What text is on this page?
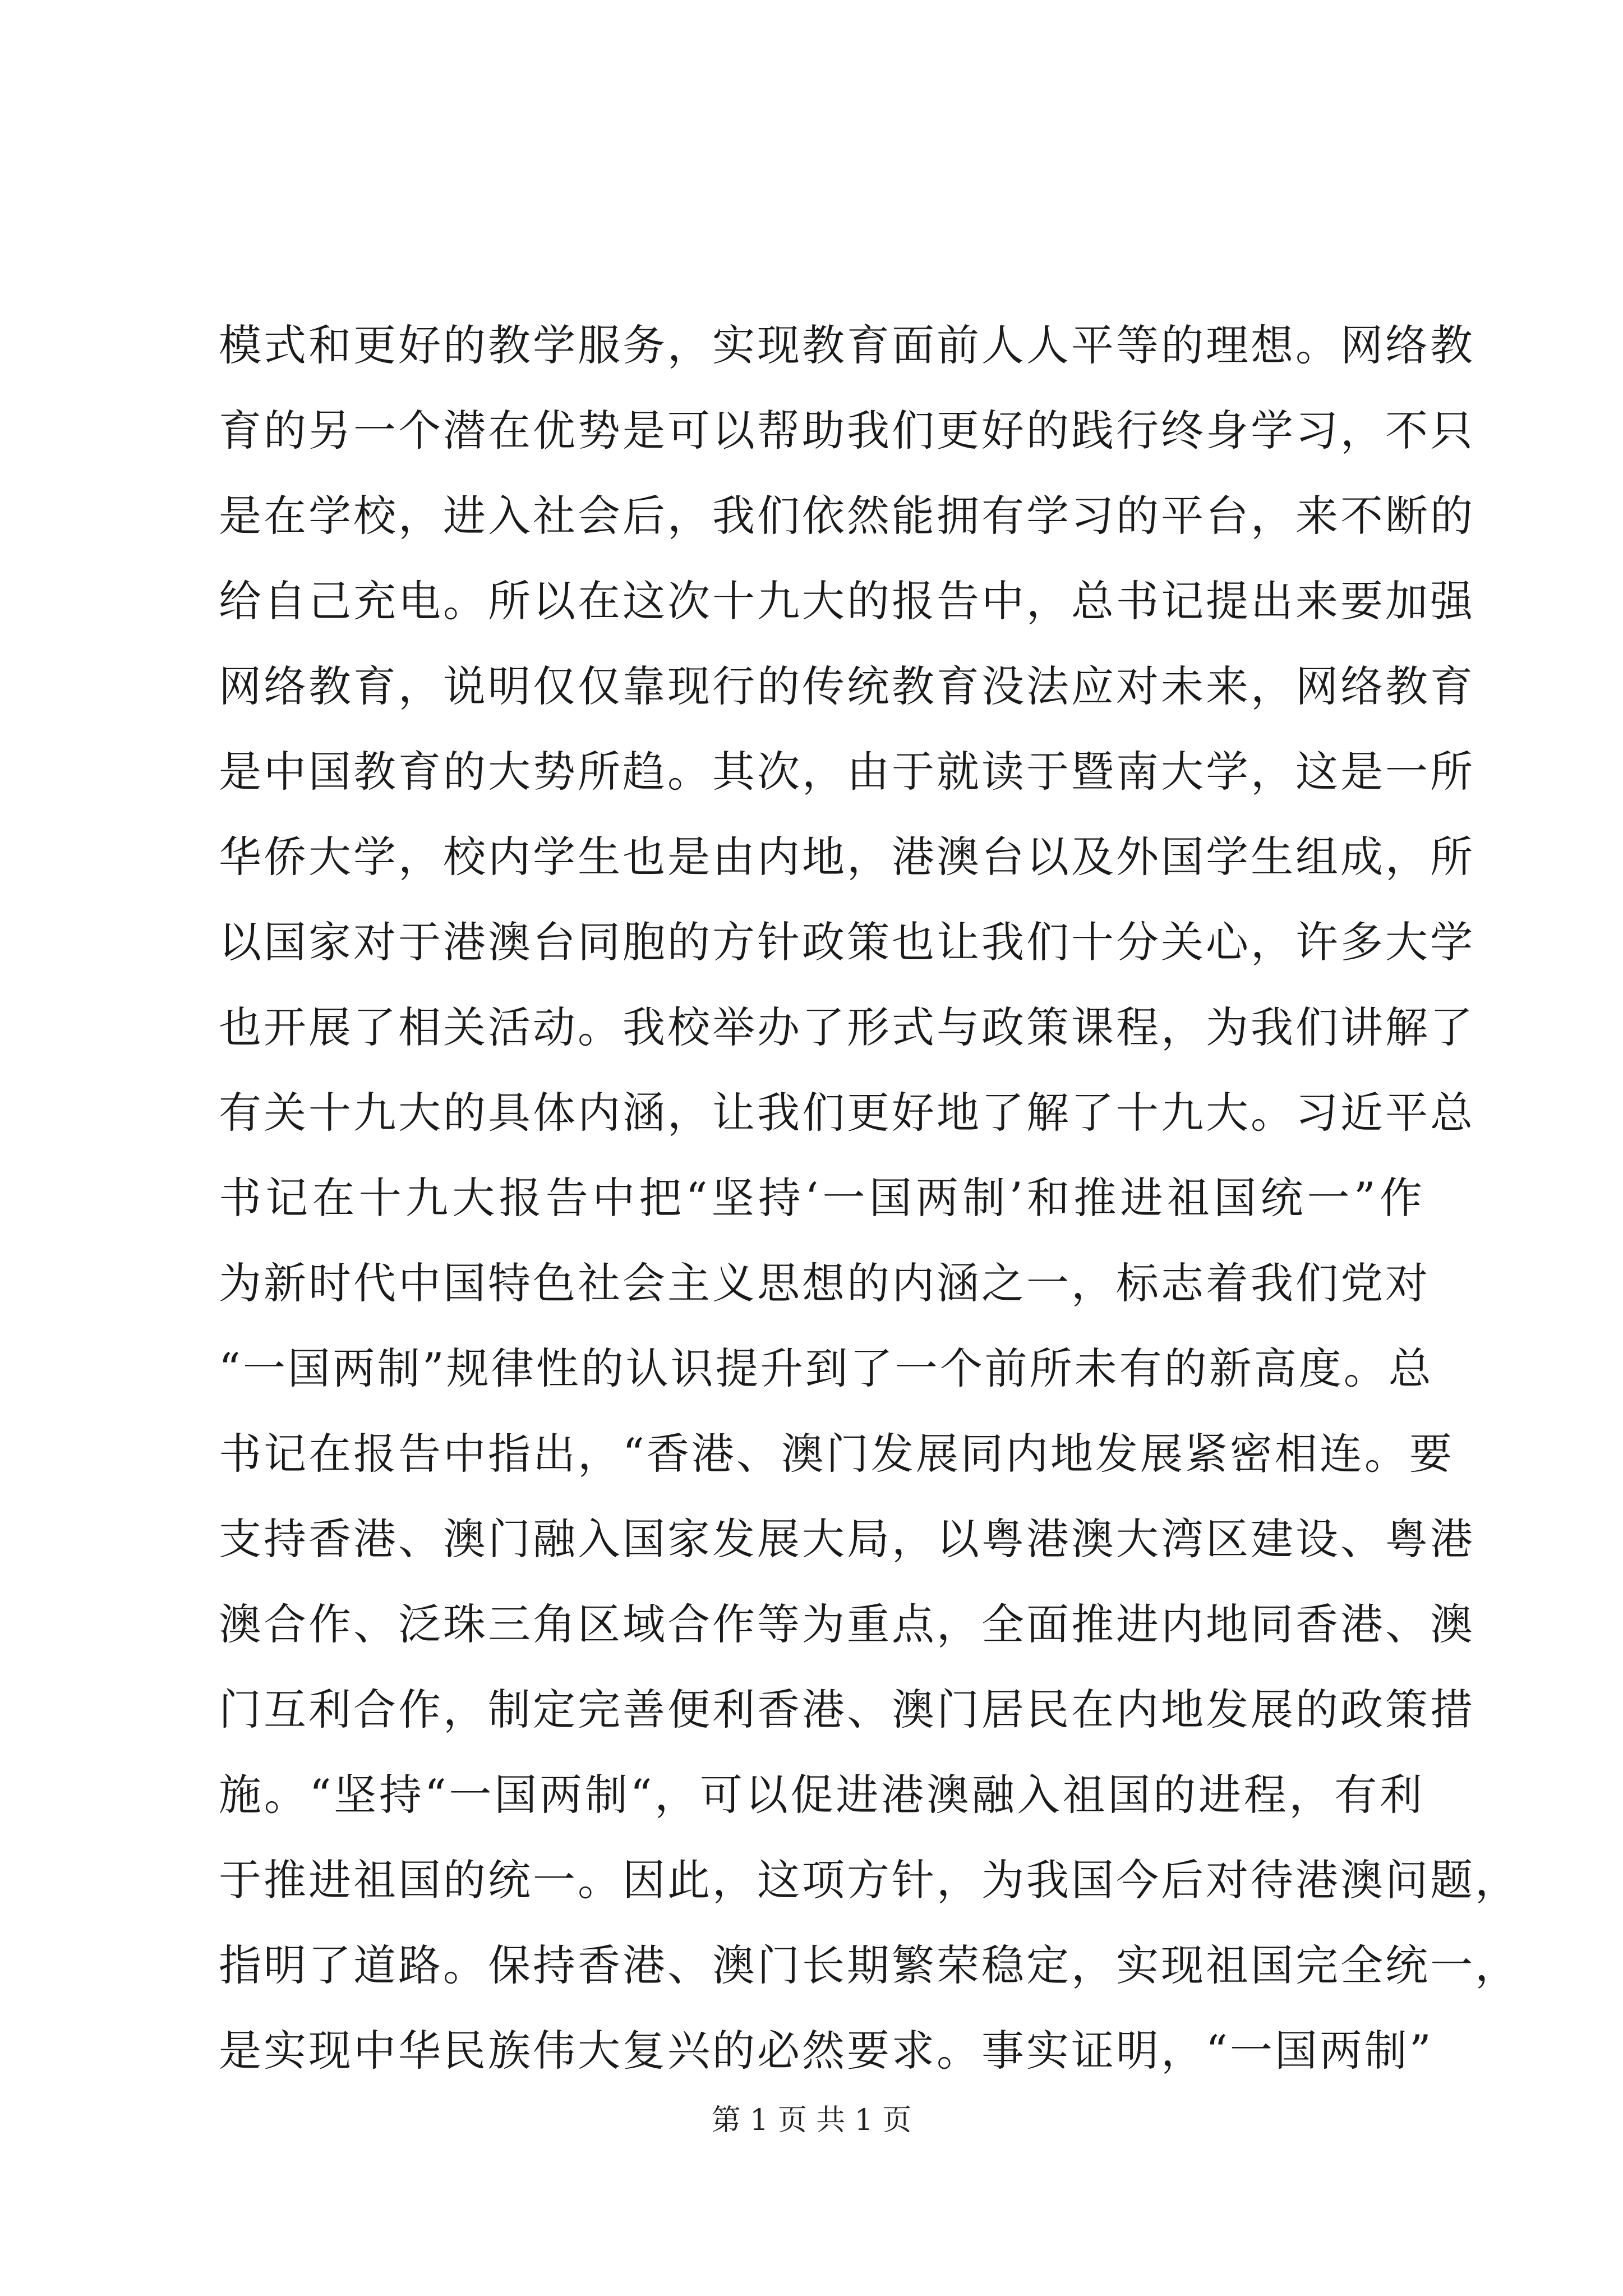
模式和更好的教学服务，实现教育面前人人平等的理想。网络教
育的另一个潜在优势是可以帮助我们更好的践行终身学习，不只
是在学校，进入社会后，我们依然能拥有学习的平台，来不断的
给自己充电。所以在这次十九大的报告中，总书记提出来要加强
网络教育，说明仅仅靠现行的传统教育没法应对未来，网络教育
是中国教育的大势所趋。其次，由于就读于暨南大学，这是一所
华侨大学，校内学生也是由内地，港澳台以及外国学生组成，所
以国家对于港澳台同胞的方针政策也让我们十分关心，许多大学
也开展了相关活动。我校举办了形式与政策课程，为我们讲解了
有关十九大的具体内涵，让我们更好地了解了十九大。习近平总
书记在十九大报告中把“坚持‘一国两制’和推进祖国统一”作
为新时代中国特色社会主义思想的内涵之一，标志着我们党对
“一国两制”规律性的认识提升到了一个前所未有的新高度。总
书记在报告中指出，“香港、澳门发展同内地发展紧密相连。要
支持香港、澳门融入国家发展大局，以粤港澳大湾区建设、粤港
澳合作、泛珠三角区域合作等为重点，全面推进内地同香港、澳
门互利合作，制定完善便利香港、澳门居民在内地发展的政策措
施。“坚持“一国两制“，可以促进港澳融入祖国的进程，有利
于推进祖国的统一。因此，这项方针，为我国今后对待港澳问题，
指明了道路。保持香港、澳门长期繁荣稳定，实现祖国完全统一，
是实现中华民族伟大复兴的必然要求。事实证明，“一国两制”
第 1 页 共 1 页
